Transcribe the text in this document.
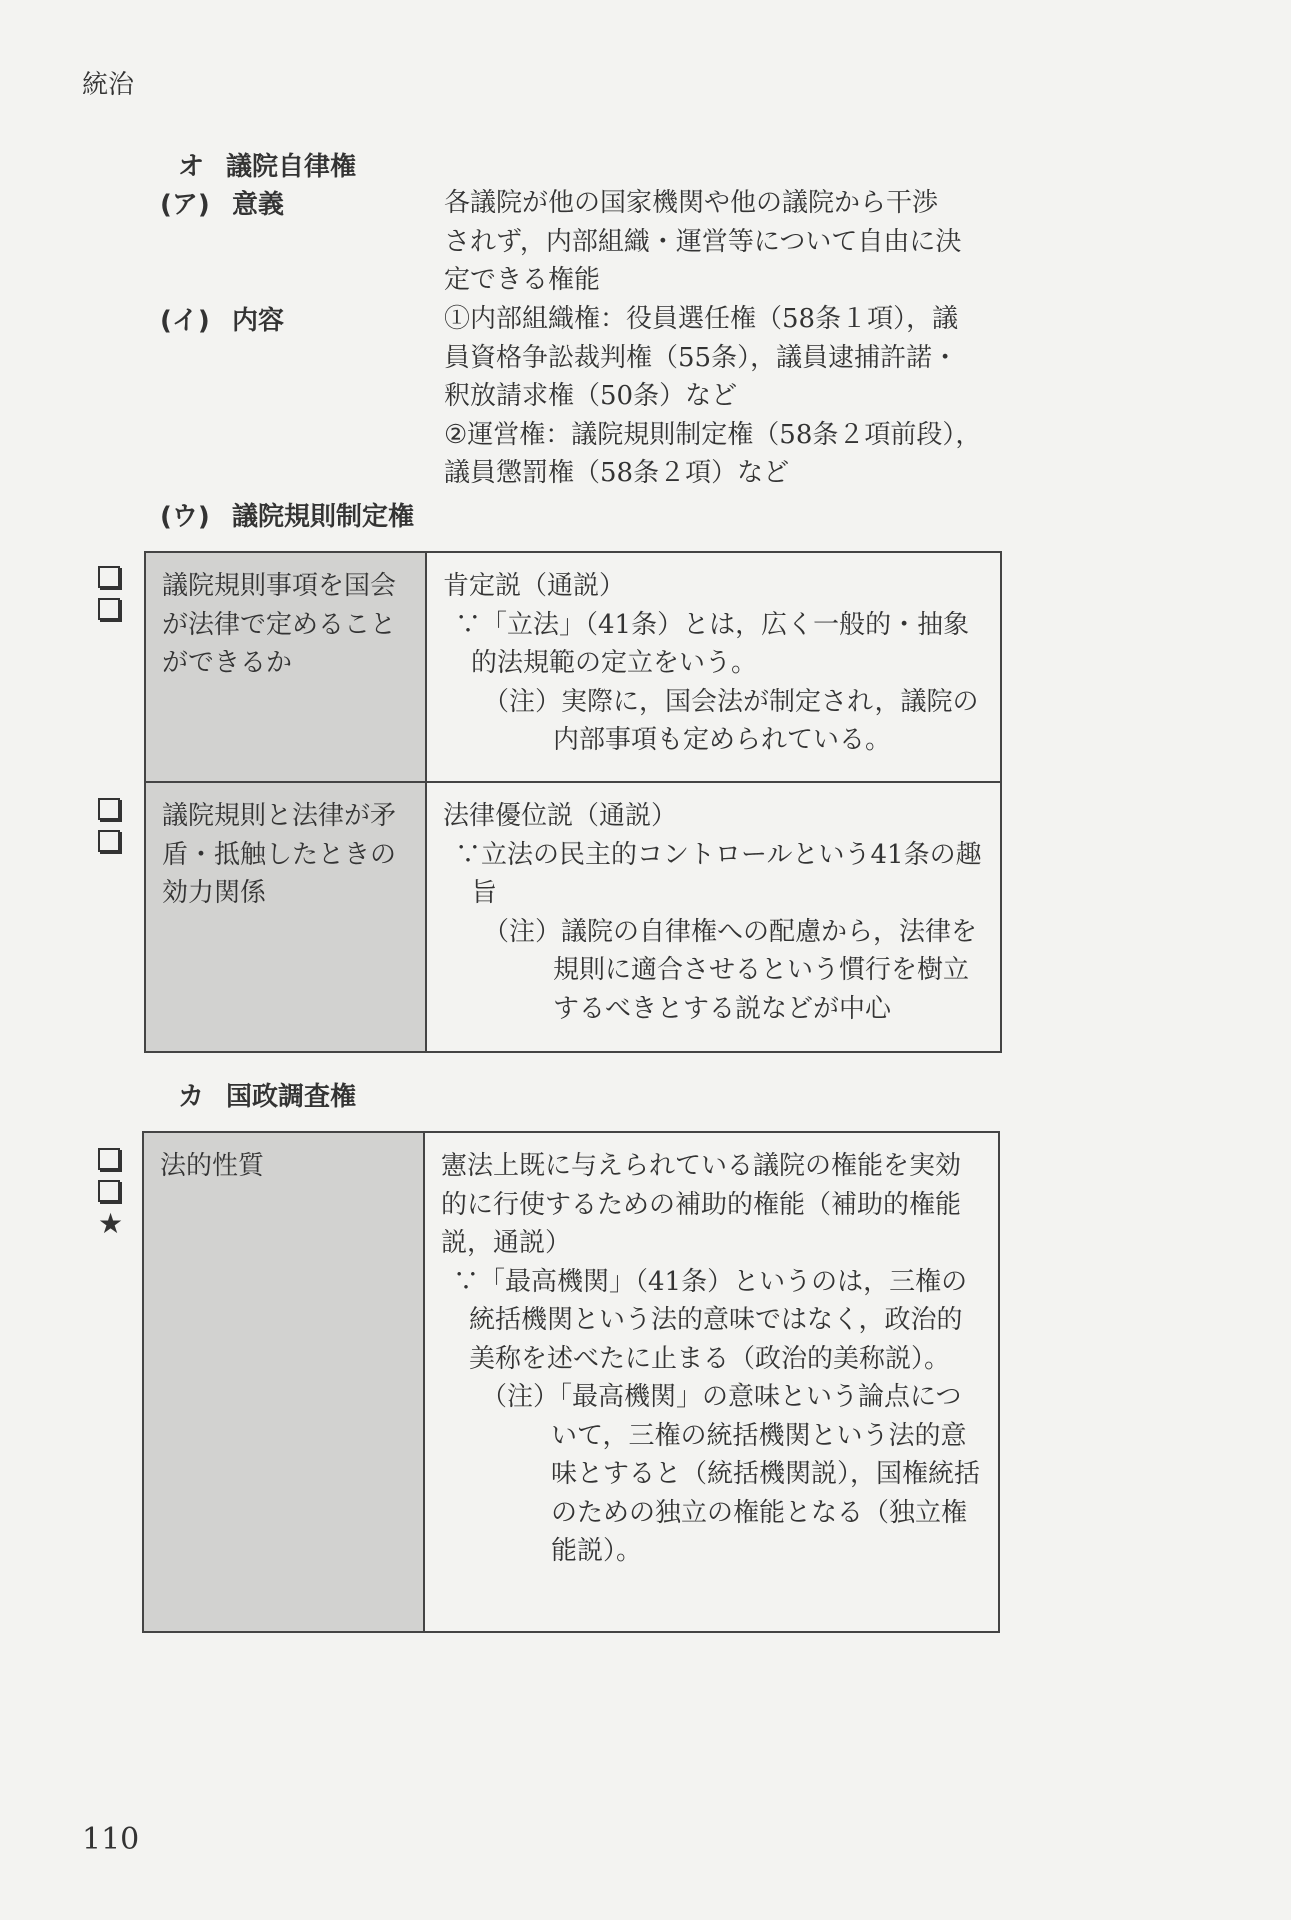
統治
オ 議院自律権
(ア) 意義	各議院が他の国家機関や他の議院から干渉
されず，内部組織・運営等について自由に決
定できる権能
(イ) 内容	①内部組織権：役員選任権（58条１項），議
員資格争訟裁判権（55条），議員逮捕許諾・
釈放請求権（50条）など
②運営権：議院規則制定権（58条２項前段），
議員懲罰権（58条２項）など
(ウ) 議院規則制定権
議院規則事項を国会が法律で定めることができるか	肯定説（通説）
∵「立法」（41条）とは，広く一般的・抽象的法規範の定立をいう。
（注）実際に，国会法が制定され，議院の内部事項も定められている。

議院規則と法律が矛盾・抵触したときの効力関係	法律優位説（通説）
∵立法の民主的コントロールという41条の趣旨
（注）議院の自律権への配慮から，法律を規則に適合させるという慣行を樹立するべきとする説などが中心
カ 国政調査権
★
法的性質	憲法上既に与えられている議院の権能を実効的に行使するための補助的権能（補助的権能説，通説）
∵「最高機関」（41条）というのは，三権の統括機関という法的意味ではなく，政治的美称を述べたに止まる（政治的美称説）。
（注）「最高機関」の意味という論点について，三権の統括機関という法的意味とすると（統括機関説），国権統括のための独立の権能となる（独立権能説）。
110
